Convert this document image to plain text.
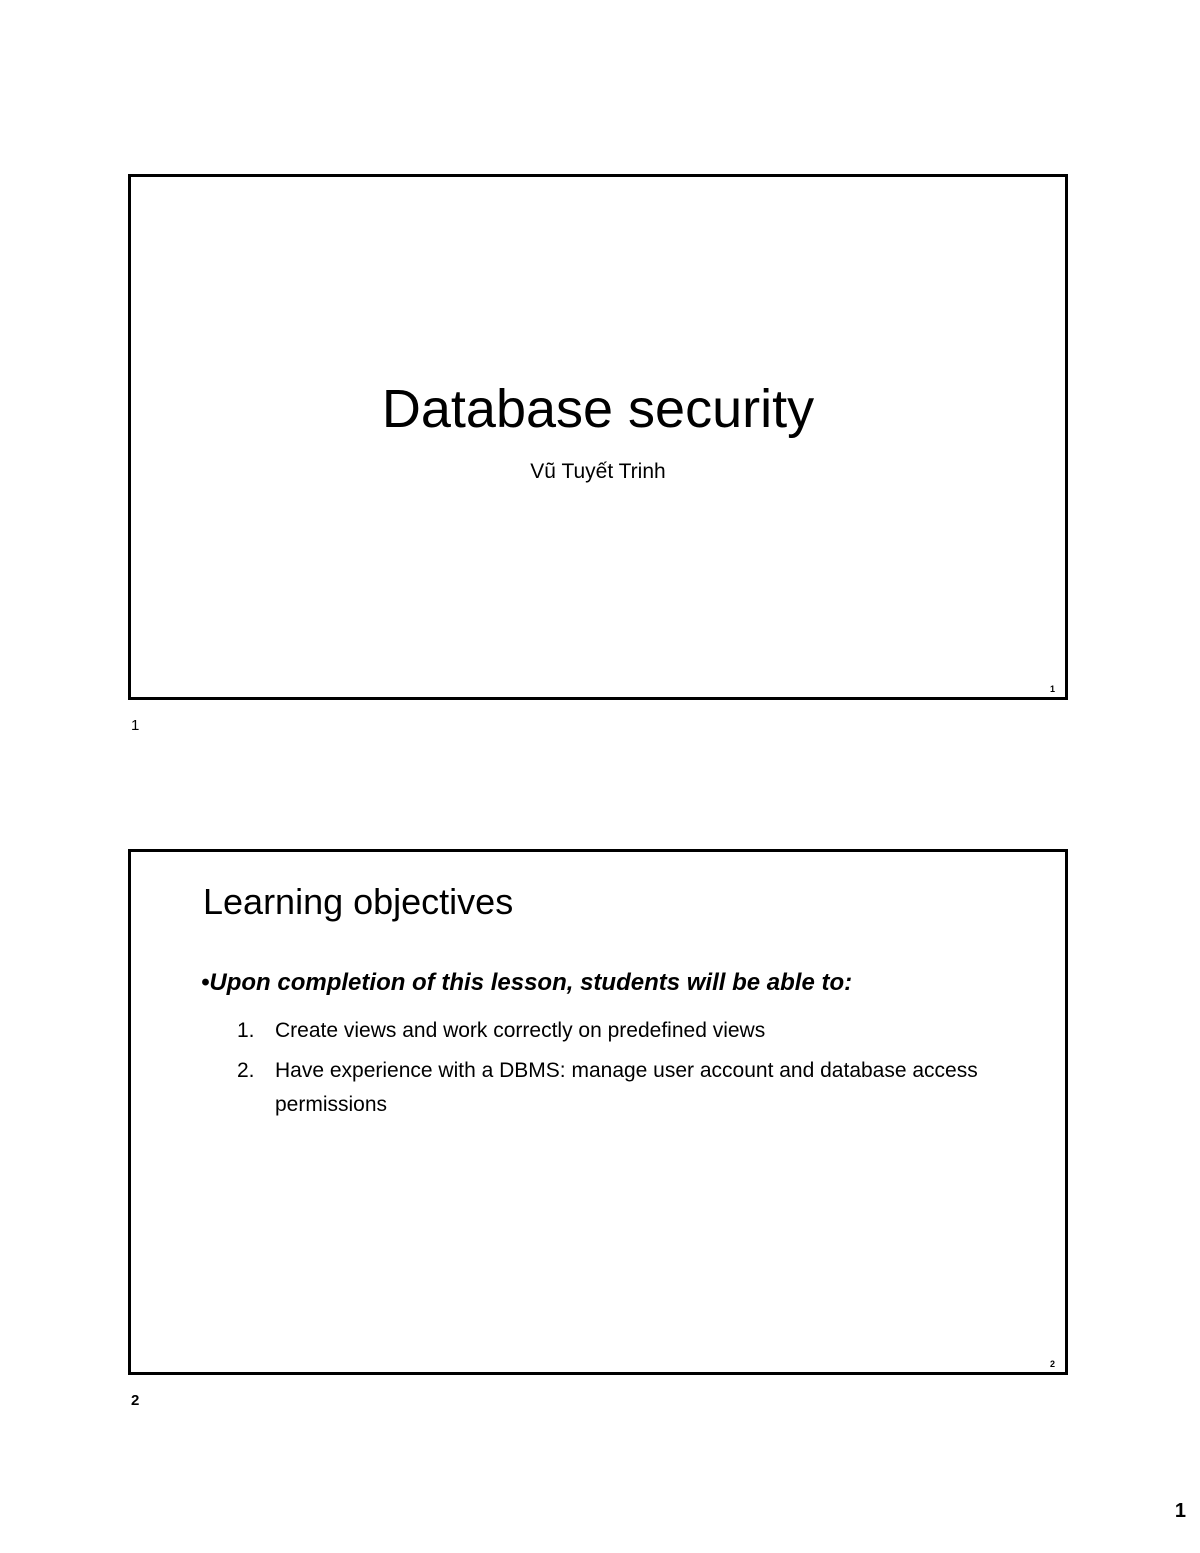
Database security
Vũ Tuyết Trinh
1
1
Learning objectives
•Upon completion of this lesson, students will be able to:
1. Create views and work correctly on predefined views
2. Have experience with a DBMS: manage user account and database access permissions
2
2
1
